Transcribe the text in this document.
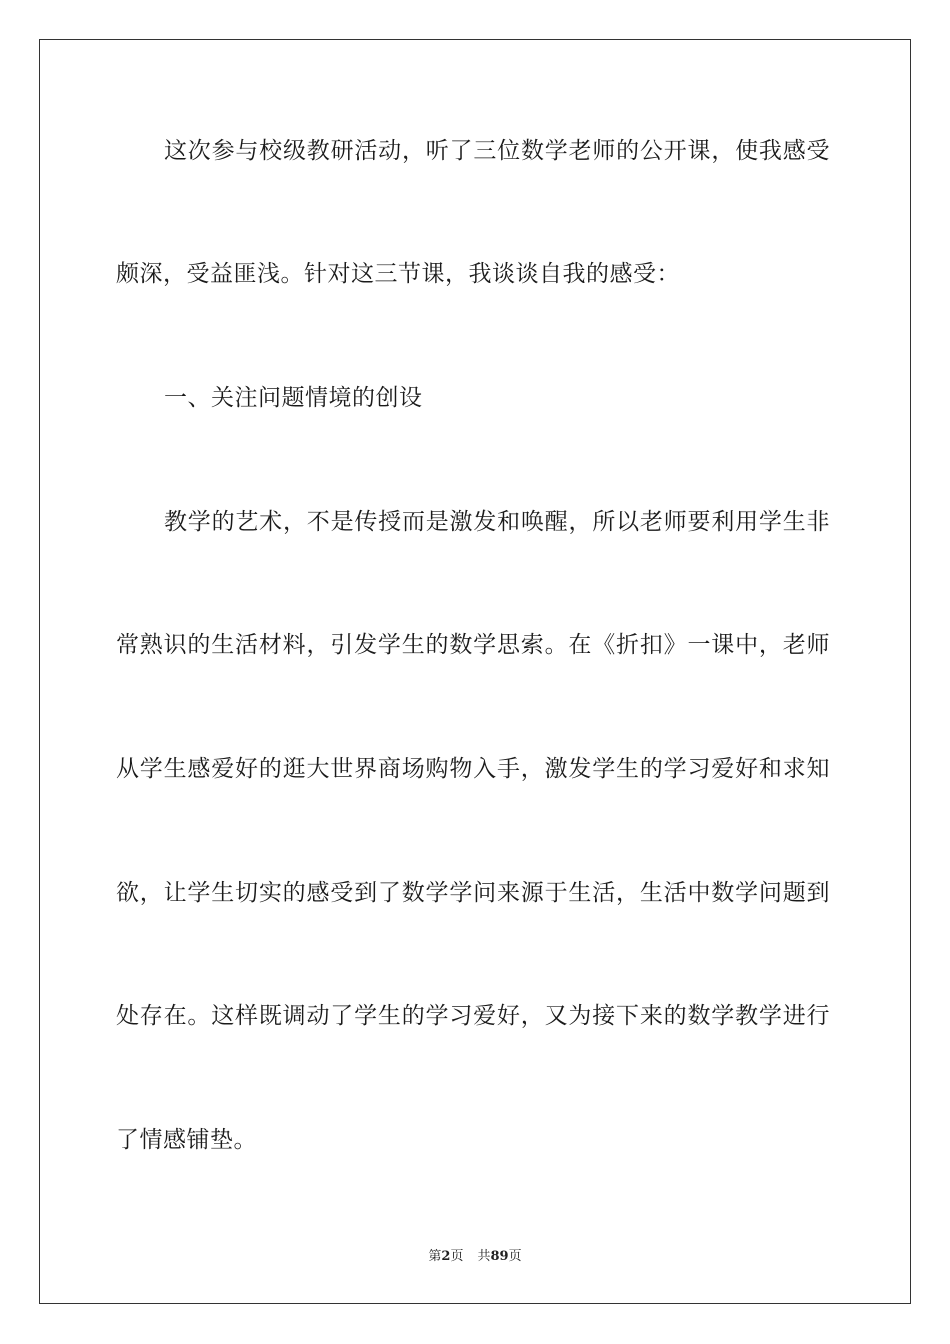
这次参与校级教研活动，听了三位数学老师的公开课，使我感受
颇深，受益匪浅。针对这三节课，我谈谈自我的感受：
一、关注问题情境的创设
教学的艺术，不是传授而是激发和唤醒，所以老师要利用学生非
常熟识的生活材料，引发学生的数学思索。在《折扣》一课中，老师
从学生感爱好的逛大世界商场购物入手，激发学生的学习爱好和求知
欲，让学生切实的感受到了数学学问来源于生活，生活中数学问题到
处存在。这样既调动了学生的学习爱好，又为接下来的数学教学进行
了情感铺垫。
第2页 共89页
